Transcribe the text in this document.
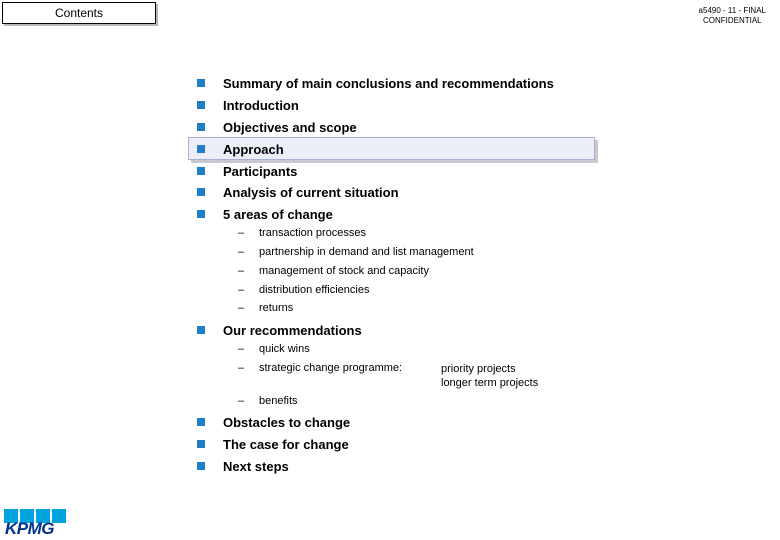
Contents	a5490 - 11 - FINAL
CONFIDENTIAL
Summary of main conclusions and recommendations
Introduction
Objectives and scope
Approach
Participants
Analysis of current situation
5 areas of change
–	transaction processes
–	partnership in demand and list management
–	management of stock and capacity
–	distribution efficiencies
–	returns
Our recommendations
–	quick wins
–	strategic change programme:	priority projects
longer term projects
–	benefits
Obstacles to change
The case for change
Next steps
KPMG
